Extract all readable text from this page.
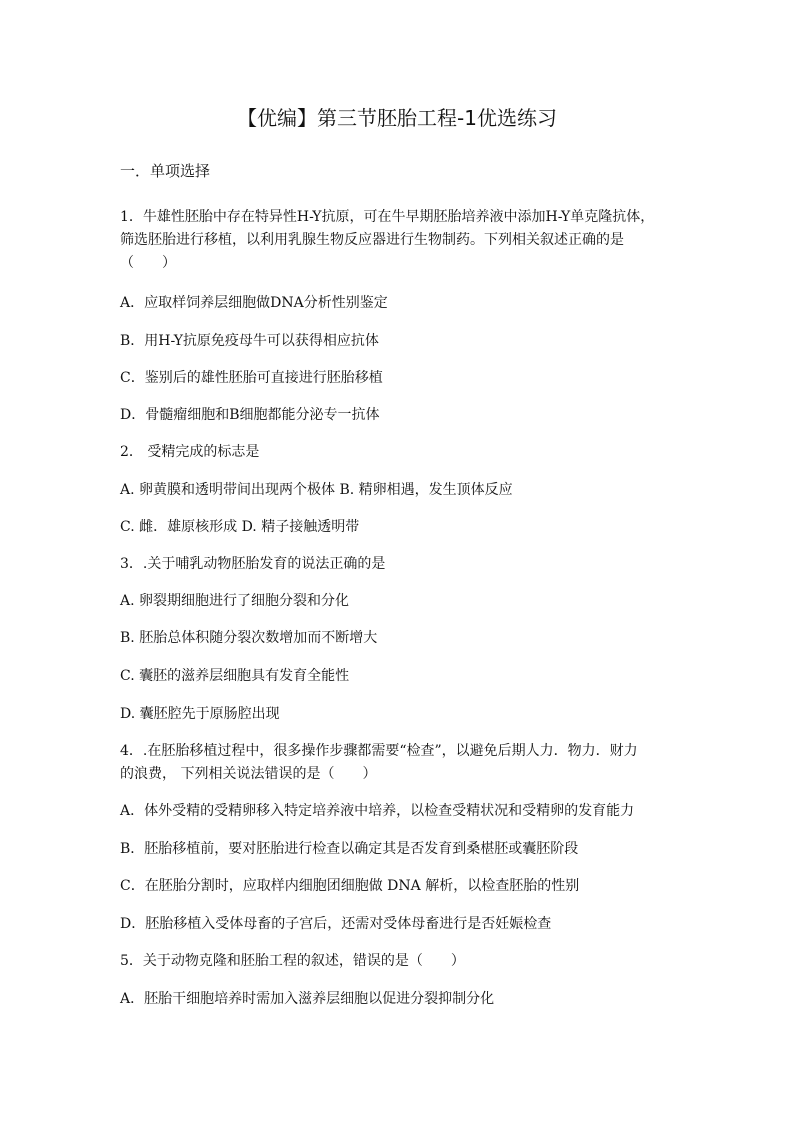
【优编】第三节胚胎工程-1优选练习
一．单项选择
1．牛雄性胚胎中存在特异性H-Y抗原，可在牛早期胚胎培养液中添加H-Y单克隆抗体，
筛选胚胎进行移植，以利用乳腺生物反应器进行生物制药。下列相关叙述正确的是
（　　）
A．应取样饲养层细胞做DNA分析性别鉴定
B．用H-Y抗原免疫母牛可以获得相应抗体
C．鉴别后的雄性胚胎可直接进行胚胎移植
D．骨髓瘤细胞和B细胞都能分泌专一抗体
2． 受精完成的标志是
A. 卵黄膜和透明带间出现两个极体 B. 精卵相遇，发生顶体反应
C. 雌．雄原核形成 D. 精子接触透明带
3．.关于哺乳动物胚胎发育的说法正确的是
A. 卵裂期细胞进行了细胞分裂和分化
B. 胚胎总体积随分裂次数增加而不断增大
C. 囊胚的滋养层细胞具有发育全能性
D. 囊胚腔先于原肠腔出现
4．.在胚胎移植过程中，很多操作步骤都需要“检查”，以避免后期人力．物力．财力
的浪费， 下列相关说法错误的是（　　）
A．体外受精的受精卵移入特定培养液中培养，以检查受精状况和受精卵的发育能力
B．胚胎移植前，要对胚胎进行检查以确定其是否发育到桑椹胚或囊胚阶段
C．在胚胎分割时，应取样内细胞团细胞做 DNA 解析，以检查胚胎的性别
D．胚胎移植入受体母畜的子宫后，还需对受体母畜进行是否妊娠检查
5．关于动物克隆和胚胎工程的叙述，错误的是（　　）
A．胚胎干细胞培养时需加入滋养层细胞以促进分裂抑制分化
